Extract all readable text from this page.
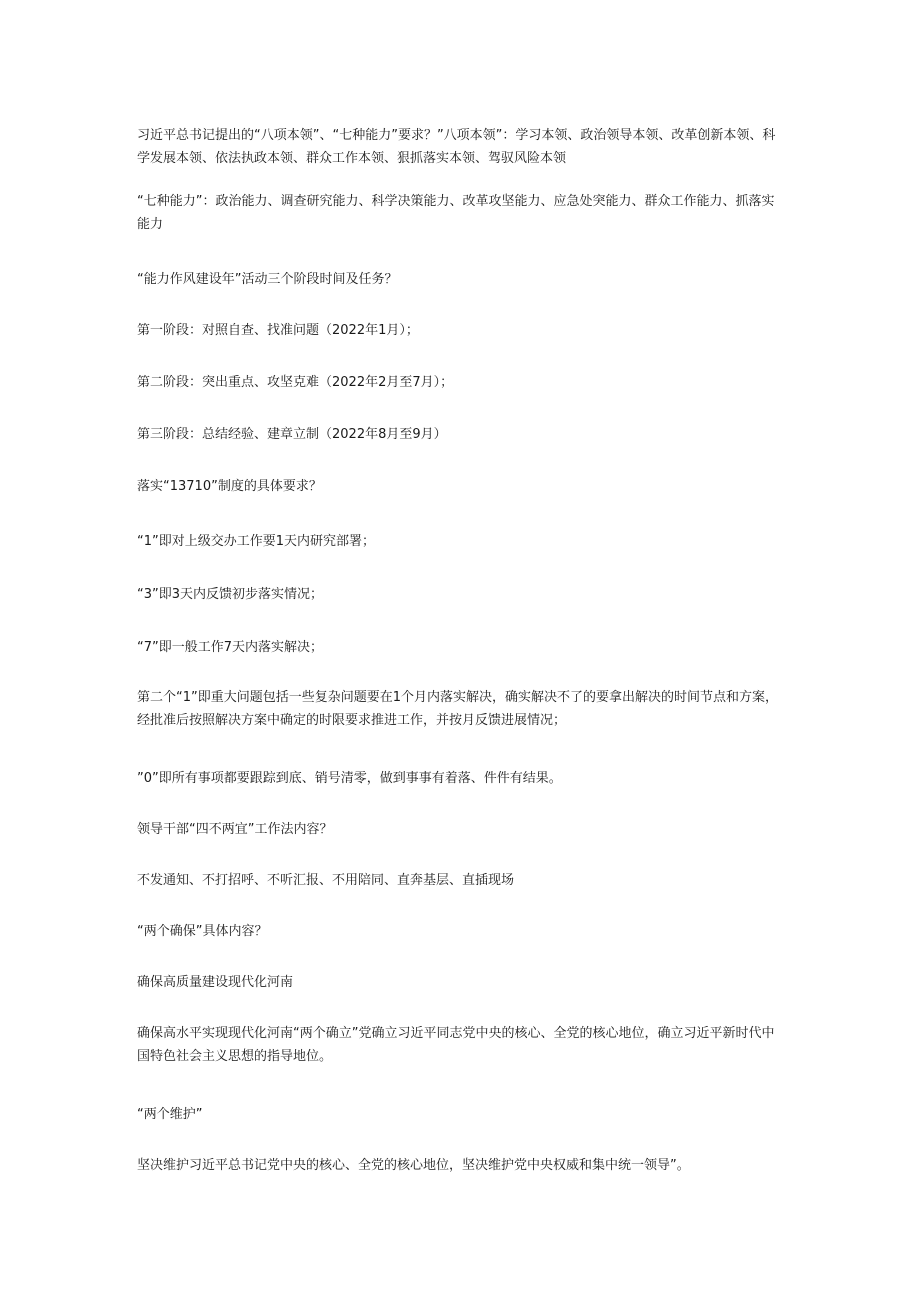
习近平总书记提出的“八项本领”、“七种能力”要求？”八项本领”：学习本领、政治领导本领、改革创新本领、科学发展本领、依法执政本领、群众工作本领、狠抓落实本领、驾驭风险本领

“七种能力”：政治能力、调查研究能力、科学决策能力、改革攻坚能力、应急处突能力、群众工作能力、抓落实能力

“能力作风建设年”活动三个阶段时间及任务？

第一阶段：对照自查、找准问题（2022年1月）；

第二阶段：突出重点、攻坚克难（2022年2月至7月）；

第三阶段：总结经验、建章立制（2022年8月至9月）

落实“13710”制度的具体要求？

“1”即对上级交办工作要1天内研究部署；

“3”即3天内反馈初步落实情况；

“7”即一般工作7天内落实解决；

第二个“1”即重大问题包括一些复杂问题要在1个月内落实解决，确实解决不了的要拿出解决的时间节点和方案，经批准后按照解决方案中确定的时限要求推进工作，并按月反馈进展情况；

”0”即所有事项都要跟踪到底、销号清零，做到事事有着落、件件有结果。

领导干部“四不两宜”工作法内容？

不发通知、不打招呼、不听汇报、不用陪同、直奔基层、直插现场

“两个确保”具体内容？

确保高质量建设现代化河南

确保高水平实现现代化河南“两个确立”党确立习近平同志党中央的核心、全党的核心地位，确立习近平新时代中国特色社会主义思想的指导地位。

“两个维护”

坚决维护习近平总书记党中央的核心、全党的核心地位，坚决维护党中央权威和集中统一领导”。
